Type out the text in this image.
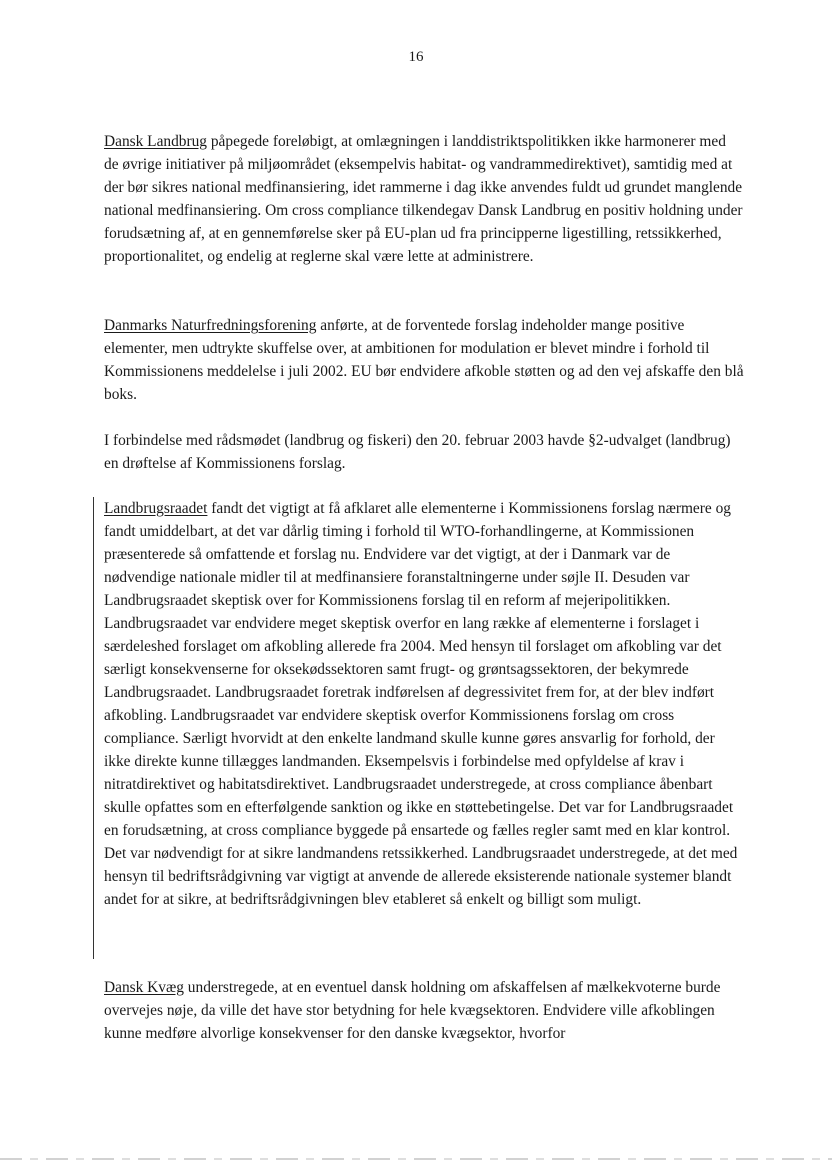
16

Dansk Landbrug påpegede foreløbigt, at omlægningen i landdistriktspolitikken ikke harmonerer med de øvrige initiativer på miljøområdet (eksempelvis habitat- og vandrammedirektivet), samtidig med at der bør sikres national medfinansiering, idet rammerne i dag ikke anvendes fuldt ud grundet manglende national medfinansiering. Om cross compliance tilkendegav Dansk Landbrug en positiv holdning under forudsætning af, at en gennemførelse sker på EU-plan ud fra principperne ligestilling, retssikkerhed, proportionalitet, og endelig at reglerne skal være lette at administrere.

Danmarks Naturfredningsforening anførte, at de forventede forslag indeholder mange positive elementer, men udtrykte skuffelse over, at ambitionen for modulation er blevet mindre i forhold til Kommissionens meddelelse i juli 2002. EU bør endvidere afkoble støtten og ad den vej afskaffe den blå boks.

I forbindelse med rådsmødet (landbrug og fiskeri) den 20. februar 2003 havde §2-udvalget (landbrug) en drøftelse af Kommissionens forslag.

Landbrugsraadet fandt det vigtigt at få afklaret alle elementerne i Kommissionens forslag nærmere og fandt umiddelbart, at det var dårlig timing i forhold til WTO-forhandlingerne, at Kommissionen præsenterede så omfattende et forslag nu. Endvidere var det vigtigt, at der i Danmark var de nødvendige nationale midler til at medfinansiere foranstaltningerne under søjle II. Desuden var Landbrugsraadet skeptisk over for Kommissionens forslag til en reform af mejeripolitikken. Landbrugsraadet var endvidere meget skeptisk overfor en lang række af elementerne i forslaget i særdeleshed forslaget om afkobling allerede fra 2004. Med hensyn til forslaget om afkobling var det særligt konsekvenserne for oksekødssektoren samt frugt- og grøntsagssektoren, der bekymrede Landbrugsraadet. Landbrugsraadet foretrak indførelsen af degressivitet frem for, at der blev indført afkobling. Landbrugsraadet var endvidere skeptisk overfor Kommissionens forslag om cross compliance. Særligt hvorvidt at den enkelte landmand skulle kunne gøres ansvarlig for forhold, der ikke direkte kunne tillægges landmanden. Eksempelsvis i forbindelse med opfyldelse af krav i nitratdirektivet og habitatsdirektivet. Landbrugsraadet understregede, at cross compliance åbenbart skulle opfattes som en efterfølgende sanktion og ikke en støttebetingelse. Det var for Landbrugsraadet en forudsætning, at cross compliance byggede på ensartede og fælles regler samt med en klar kontrol. Det var nødvendigt for at sikre landmandens retssikkerhed. Landbrugsraadet understregede, at det med hensyn til bedriftsrådgivning var vigtigt at anvende de allerede eksisterende nationale systemer blandt andet for at sikre, at bedriftsrådgivningen blev etableret så enkelt og billigt som muligt.

Dansk Kvæg understregede, at en eventuel dansk holdning om afskaffelsen af mælkekvoterne burde overvejes nøje, da ville det have stor betydning for hele kvægsektoren. Endvidere ville afkoblingen kunne medføre alvorlige konsekvenser for den danske kvægsektor, hvorfor
